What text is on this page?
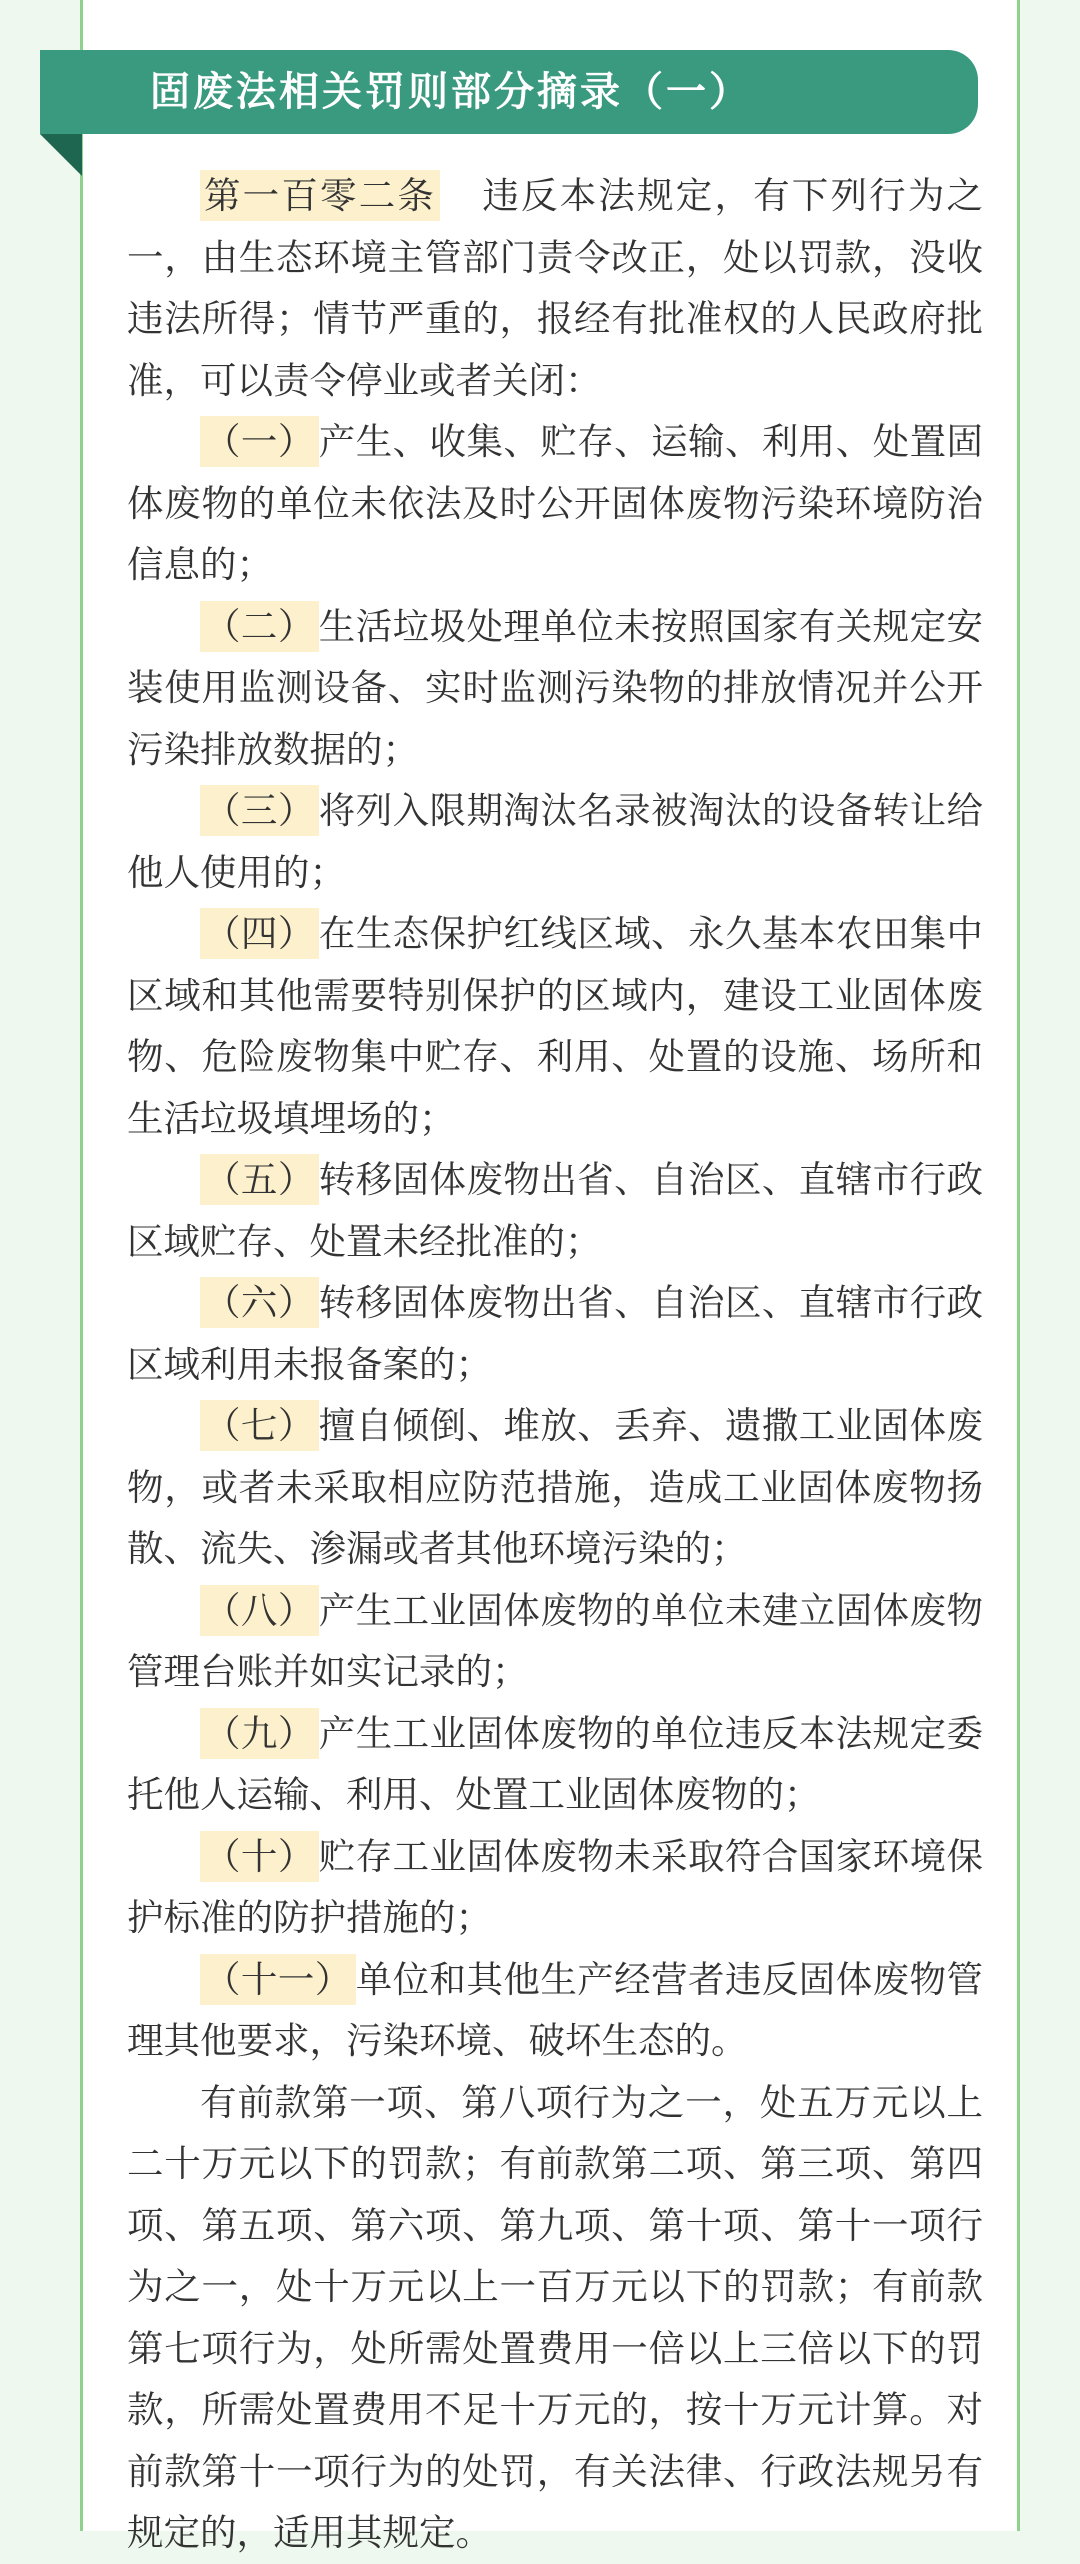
固废法相关罚则部分摘录（一）

第一百零二条 违反本法规定，有下列行为之一，由生态环境主管部门责令改正，处以罚款，没收违法所得；情节严重的，报经有批准权的人民政府批准，可以责令停业或者关闭：

（一） 产生、收集、贮存、运输、利用、处置固体废物的单位未依法及时公开固体废物污染环境防治信息的；

（二） 生活垃圾处理单位未按照国家有关规定安装使用监测设备、实时监测污染物的排放情况并公开污染排放数据的；

（三） 将列入限期淘汰名录被淘汰的设备转让给他人使用的；

（四） 在生态保护红线区域、永久基本农田集中区域和其他需要特别保护的区域内，建设工业固体废物、危险废物集中贮存、利用、处置的设施、场所和生活垃圾填埋场的；

（五） 转移固体废物出省、自治区、直辖市行政区域贮存、处置未经批准的；

（六） 转移固体废物出省、自治区、直辖市行政区域利用未报备案的；

（七） 擅自倾倒、堆放、丢弃、遗撒工业固体废物，或者未采取相应防范措施，造成工业固体废物扬散、流失、渗漏或者其他环境污染的；

（八） 产生工业固体废物的单位未建立固体废物管理台账并如实记录的；

（九） 产生工业固体废物的单位违反本法规定委托他人运输、利用、处置工业固体废物的；

（十） 贮存工业固体废物未采取符合国家环境保护标准的防护措施的；

（十一） 单位和其他生产经营者违反固体废物管理其他要求，污染环境、破坏生态的。

有前款第一项、第八项行为之一，处五万元以上二十万元以下的罚款；有前款第二项、第三项、第四项、第五项、第六项、第九项、第十项、第十一项行为之一，处十万元以上一百万元以下的罚款；有前款第七项行为，处所需处置费用一倍以上三倍以下的罚款，所需处置费用不足十万元的，按十万元计算。对前款第十一项行为的处罚，有关法律、行政法规另有规定的，适用其规定。
